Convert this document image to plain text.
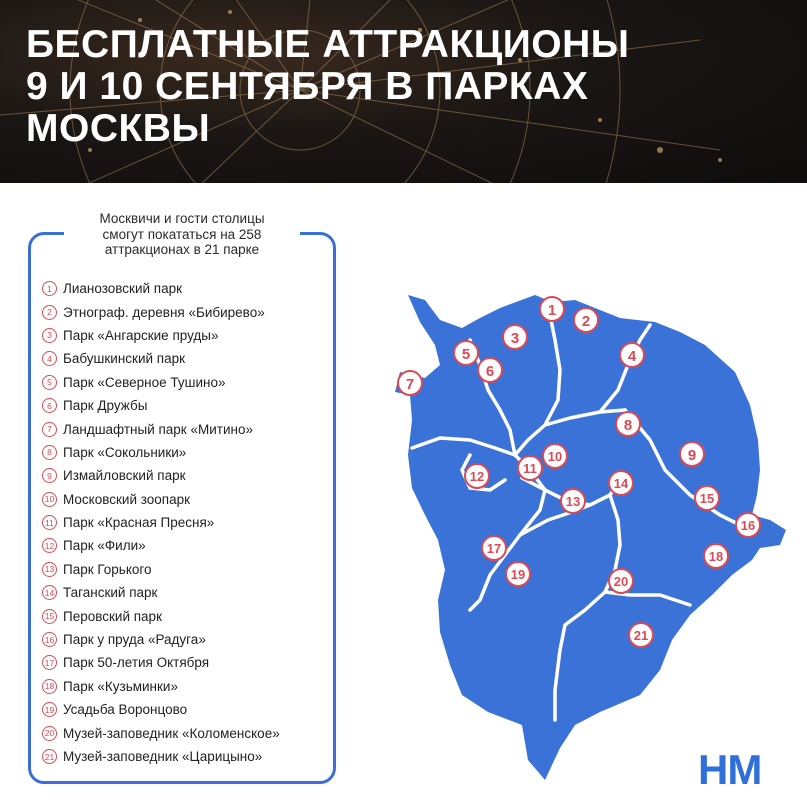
БЕСПЛАТНЫЕ АТТРАКЦИОНЫ
9 И 10 СЕНТЯБРЯ В ПАРКАХ
МОСКВЫ
Москвичи и гости столицы
смогут покататься на 258
аттракционах в 21 парке
1 Лианозовский парк
2 Этнограф. деревня «Бибирево»
3 Парк «Ангарские пруды»
4 Бабушкинский парк
5 Парк «Северное Тушино»
6 Парк Дружбы
7 Ландшафтный парк «Митино»
8 Парк «Сокольники»
9 Измайловский парк
10 Московский зоопарк
11 Парк «Красная Пресня»
12 Парк «Фили»
13 Парк Горького
14 Таганский парк
15 Перовский парк
16 Парк у пруда «Радуга»
17 Парк 50-летия Октября
18 Парк «Кузьминки»
19 Усадьба Воронцово
20 Музей-заповедник «Коломенское»
21 Музей-заповедник «Царицыно»
1
2
3
4
5
6
7
8
9
10
11
12
13
14
15
16
17
18
19	20
21
НМ
